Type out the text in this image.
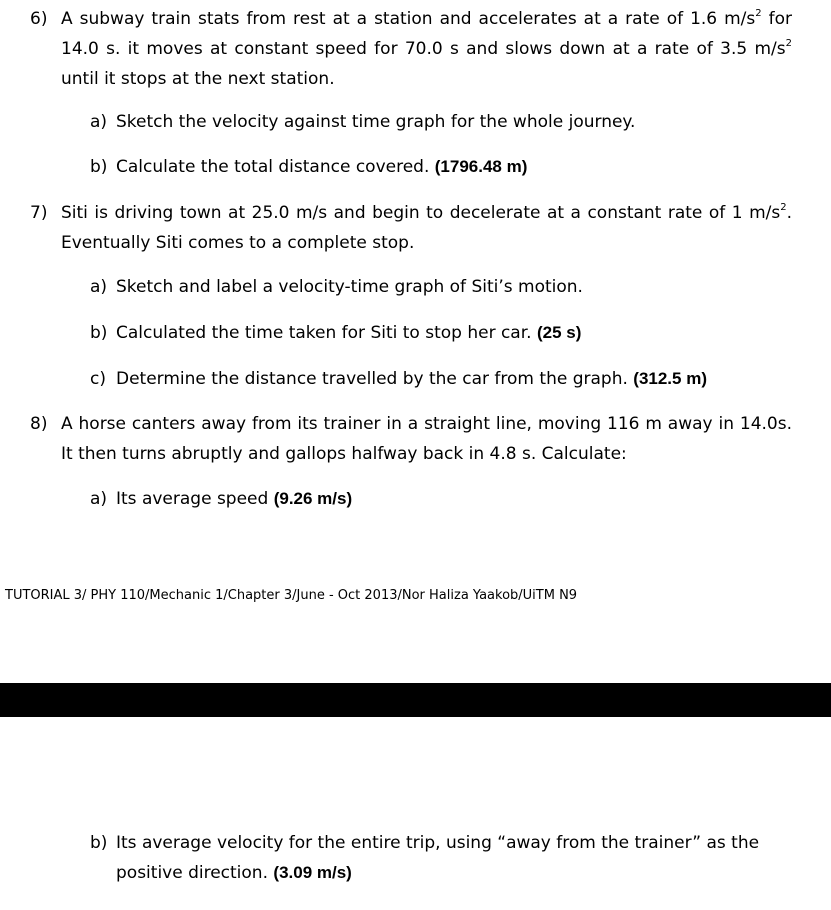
6) A subway train stats from rest at a station and accelerates at a rate of 1.6 $m/s^2$ for 14.0 s. it moves at constant speed for 70.0 s and slows down at a rate of 3.5 $m/s^2$ until it stops at the next station.
a) Sketch the velocity against time graph for the whole journey.
b) Calculate the total distance covered. (1796.48 m)
7) Siti is driving town at 25.0 m/s and begin to decelerate at a constant rate of 1 $m/s^2$. Eventually Siti comes to a complete stop.
a) Sketch and label a velocity-time graph of Siti’s motion.
b) Calculated the time taken for Siti to stop her car. (25 s)
c) Determine the distance travelled by the car from the graph. (312.5 m)
8) A horse canters away from its trainer in a straight line, moving 116 m away in 14.0s. It then turns abruptly and gallops halfway back in 4.8 s. Calculate:
a) Its average speed (9.26 m/s)
TUTORIAL 3/ PHY 110/Mechanic 1/Chapter 3/June - Oct 2013/Nor Haliza Yaakob/UiTM N9
b) Its average velocity for the entire trip, using “away from the trainer” as the positive direction. (3.09 m/s)
